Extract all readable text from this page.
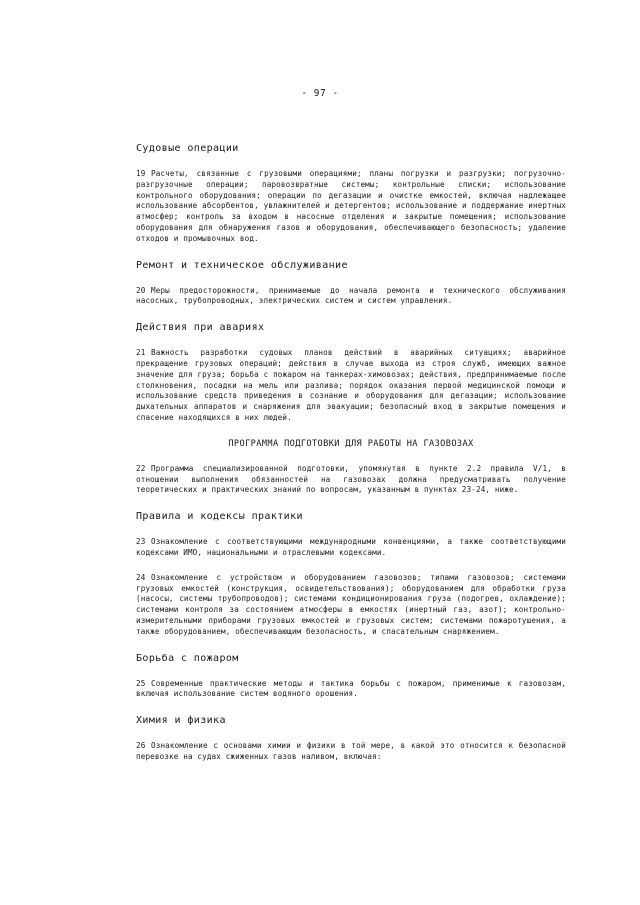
- 97 -
Судовые операции

19 Расчеты, связанные с грузовыми операциями; планы погрузки и разгрузки; погрузочно-разгрузочные операции; паровозвратные системы; контрольные списки; использование контрольного оборудования; операции по дегазации и очистке емкостей, включая надлежащее использование абсорбентов, увлажнителей и детергентов; использование и поддержание инертных атмосфер; контроль за входом в насосные отделения и закрытые помещения; использование оборудования для обнаружения газов и оборудования, обеспечивающего безопасность; удаление отходов и промывочных вод.

Ремонт и техническое обслуживание

20 Меры предосторожности, принимаемые до начала ремонта и технического обслуживания насосных, трубопроводных, электрических систем и систем управления.

Действия при авариях

21 Важность разработки судовых планов действий в аварийных ситуациях; аварийное прекращение грузовых операций; действия в случае выхода из строя служб, имеющих важное значение для груза; борьба с пожаром на танкерах-химовозах; действия, предпринимаемые после столкновения, посадки на мель или разлива; порядок оказания первой медицинской помощи и использование средств приведения в сознание и оборудования для дегазации; использование дыхательных аппаратов и снаряжения для эвакуации; безопасный вход в закрытые помещения и спасение находящихся в них людей.

ПРОГРАММА ПОДГОТОВКИ ДЛЯ РАБОТЫ НА ГАЗОВОЗАХ

22 Программа специализированной подготовки, упомянутая в пункте 2.2 правила V/1, в отношении выполнения обязанностей на газовозах должна предусматривать получение теоретических и практических знаний по вопросам, указанным в пунктах 23-24, ниже.

Правила и кодексы практики

23 Ознакомление с соответствующими международными конвенциями, а также соответствующими кодексами ИМО, национальными и отраслевыми кодексами.

24 Ознакомление с устройством и оборудованием газовозов; типами газовозов; системами грузовых емкостей (конструкция, освидетельствования); оборудованием для обработки груза (насосы, системы трубопроводов); системами кондиционирования груза (подогрев, охлаждение); системами контроля за состоянием атмосферы в емкостях (инертный газ, азот); контрольно-измерительными приборами грузовых емкостей и грузовых систем; системами пожаротушения, а также оборудованием, обеспечивающим безопасность, и спасательным снаряжением.

Борьба с пожаром

25 Современные практические методы и тактика борьбы с пожаром, применимые к газовозам, включая использование систем водяного орошения.

Химия и физика

26 Ознакомление с основами химии и физики в той мере, в какой это относится к безопасной перевозке на судах сжиженных газов наливом, включая:
